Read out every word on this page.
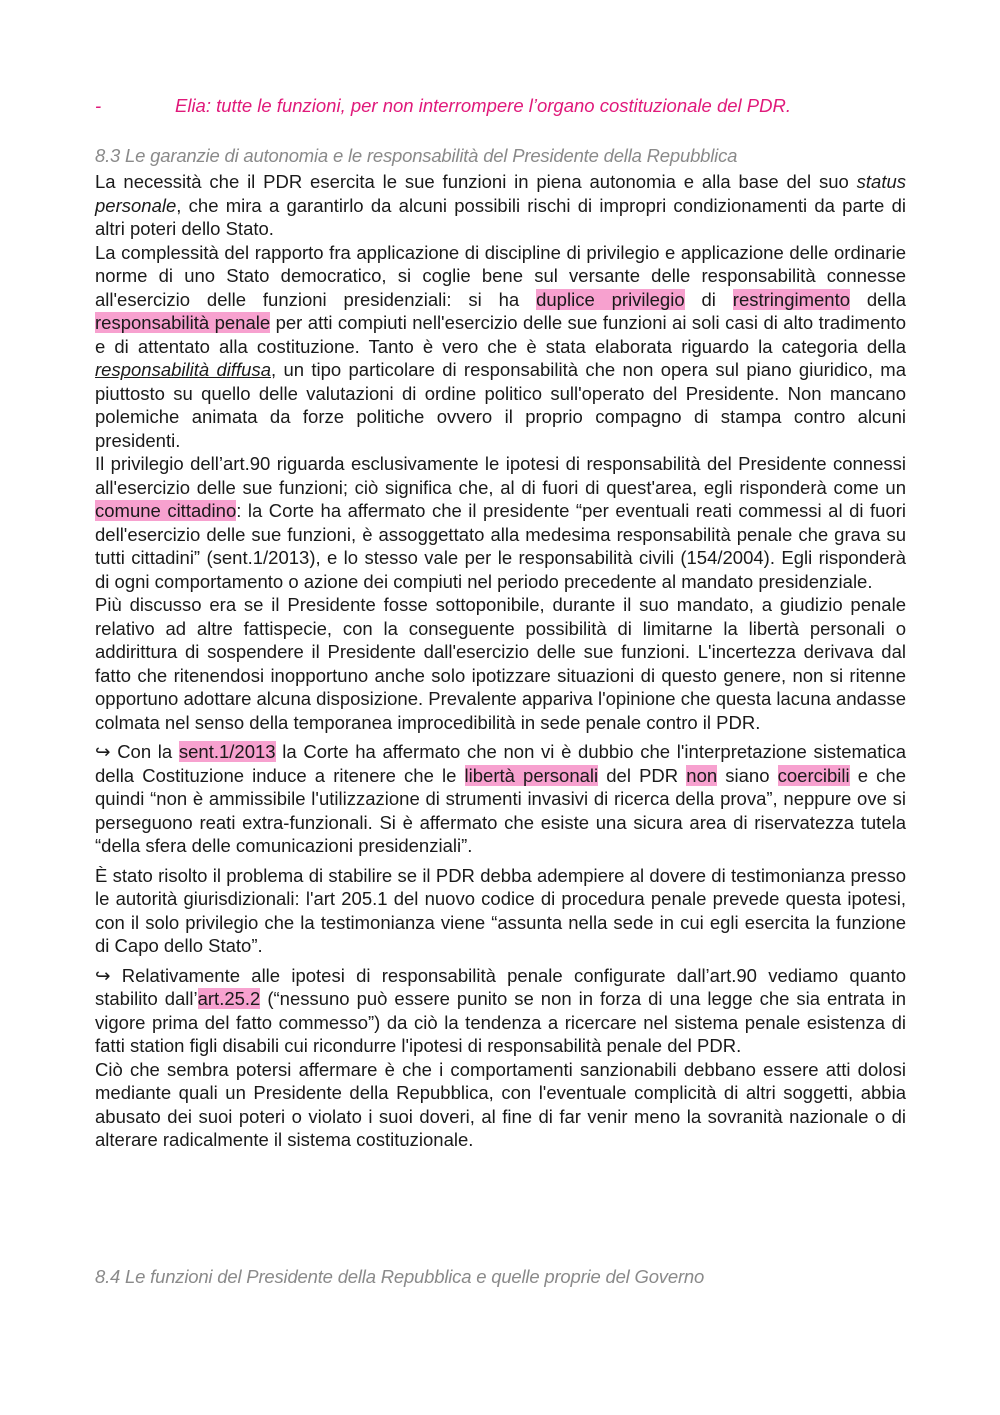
-	Elia: tutte le funzioni, per non interrompere l’organo costituzionale del PDR.
8.3 Le garanzie di autonomia e le responsabilità del Presidente della Repubblica

La necessità che il PDR esercita le sue funzioni in piena autonomia e alla base del suo status personale, che mira a garantirlo da alcuni possibili rischi di impropri condizionamenti da parte di altri poteri dello Stato.

La complessità del rapporto fra applicazione di discipline di privilegio e applicazione delle ordinarie norme di uno Stato democratico, si coglie bene sul versante delle responsabilità connesse all'esercizio delle funzioni presidenziali: si ha duplice privilegio di restringimento della responsabilità penale per atti compiuti nell'esercizio delle sue funzioni ai soli casi di alto tradimento e di attentato alla costituzione. Tanto è vero che è stata elaborata riguardo la categoria della responsabilità diffusa, un tipo particolare di responsabilità che non opera sul piano giuridico, ma piuttosto su quello delle valutazioni di ordine politico sull'operato del Presidente. Non mancano polemiche animata da forze politiche ovvero il proprio compagno di stampa contro alcuni presidenti.

Il privilegio dell’art.90 riguarda esclusivamente le ipotesi di responsabilità del Presidente connessi all'esercizio delle sue funzioni; ciò significa che, al di fuori di quest'area, egli risponderà come un comune cittadino: la Corte ha affermato che il presidente “per eventuali reati commessi al di fuori dell'esercizio delle sue funzioni, è assoggettato alla medesima responsabilità penale che grava su tutti cittadini” (sent.1/2013), e lo stesso vale per le responsabilità civili (154/2004). Egli risponderà di ogni comportamento o azione dei compiuti nel periodo precedente al mandato presidenziale.

Più discusso era se il Presidente fosse sottoponibile, durante il suo mandato, a giudizio penale relativo ad altre fattispecie, con la conseguente possibilità di limitarne la libertà personali o addirittura di sospendere il Presidente dall'esercizio delle sue funzioni. L'incertezza derivava dal fatto che ritenendosi inopportuno anche solo ipotizzare situazioni di questo genere, non si ritenne opportuno adottare alcuna disposizione. Prevalente appariva l'opinione che questa lacuna andasse colmata nel senso della temporanea improcedibilità in sede penale contro il PDR.

↪ Con la sent.1/2013 la Corte ha affermato che non vi è dubbio che l'interpretazione sistematica della Costituzione induce a ritenere che le libertà personali del PDR non siano coercibili e che quindi “non è ammissibile l'utilizzazione di strumenti invasivi di ricerca della prova”, neppure ove si perseguono reati extra-funzionali. Si è affermato che esiste una sicura area di riservatezza tutela “della sfera delle comunicazioni presidenziali”.

È stato risolto il problema di stabilire se il PDR debba adempiere al dovere di testimonianza presso le autorità giurisdizionali: l'art 205.1 del nuovo codice di procedura penale prevede questa ipotesi, con il solo privilegio che la testimonianza viene “assunta nella sede in cui egli esercita la funzione di Capo dello Stato”.

↪ Relativamente alle ipotesi di responsabilità penale configurate dall’art.90 vediamo quanto stabilito dall’art.25.2 (“nessuno può essere punito se non in forza di una legge che sia entrata in vigore prima del fatto commesso”) da ciò la tendenza a ricercare nel sistema penale esistenza di fatti station figli disabili cui ricondurre l'ipotesi di responsabilità penale del PDR.

Ciò che sembra potersi affermare è che i comportamenti sanzionabili debbano essere atti dolosi mediante quali un Presidente della Repubblica, con l'eventuale complicità di altri soggetti, abbia abusato dei suoi poteri o violato i suoi doveri, al fine di far venir meno la sovranità nazionale o di alterare radicalmente il sistema costituzionale.

8.4 Le funzioni del Presidente della Repubblica e quelle proprie del Governo
